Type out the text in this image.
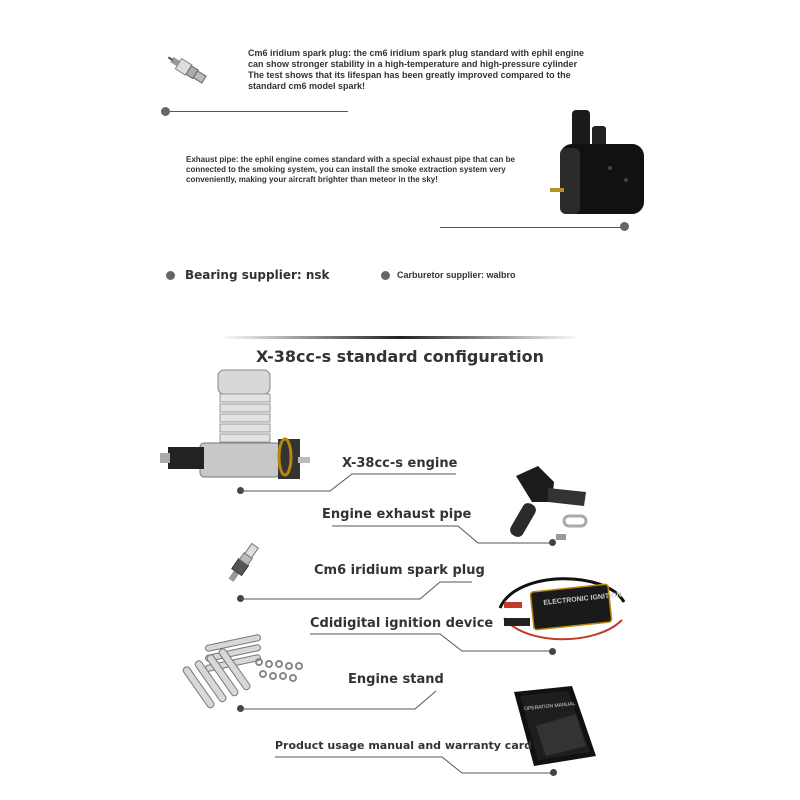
Cm6 iridium spark plug: the cm6 iridium spark plug standard with ephil engine can show stronger stability in a high-temperature and high-pressure cylinder The test shows that its lifespan has been greatly improved compared to the standard cm6 model spark!
Exhaust pipe: the ephil engine comes standard with a special exhaust pipe that can be connected to the smoking system, you can install the smoke extraction system very conveniently, making your aircraft brighter than meteor in the sky!
Bearing supplier: nsk	Carburetor supplier: walbro
X-38cc-s standard configuration
X-38cc-s engine
Engine exhaust pipe
Cm6 iridium spark plug
ELECTRONIC IGNITION
Cdidigital ignition device
Engine stand
OPERATION MANUAL
Product usage manual and warranty card
